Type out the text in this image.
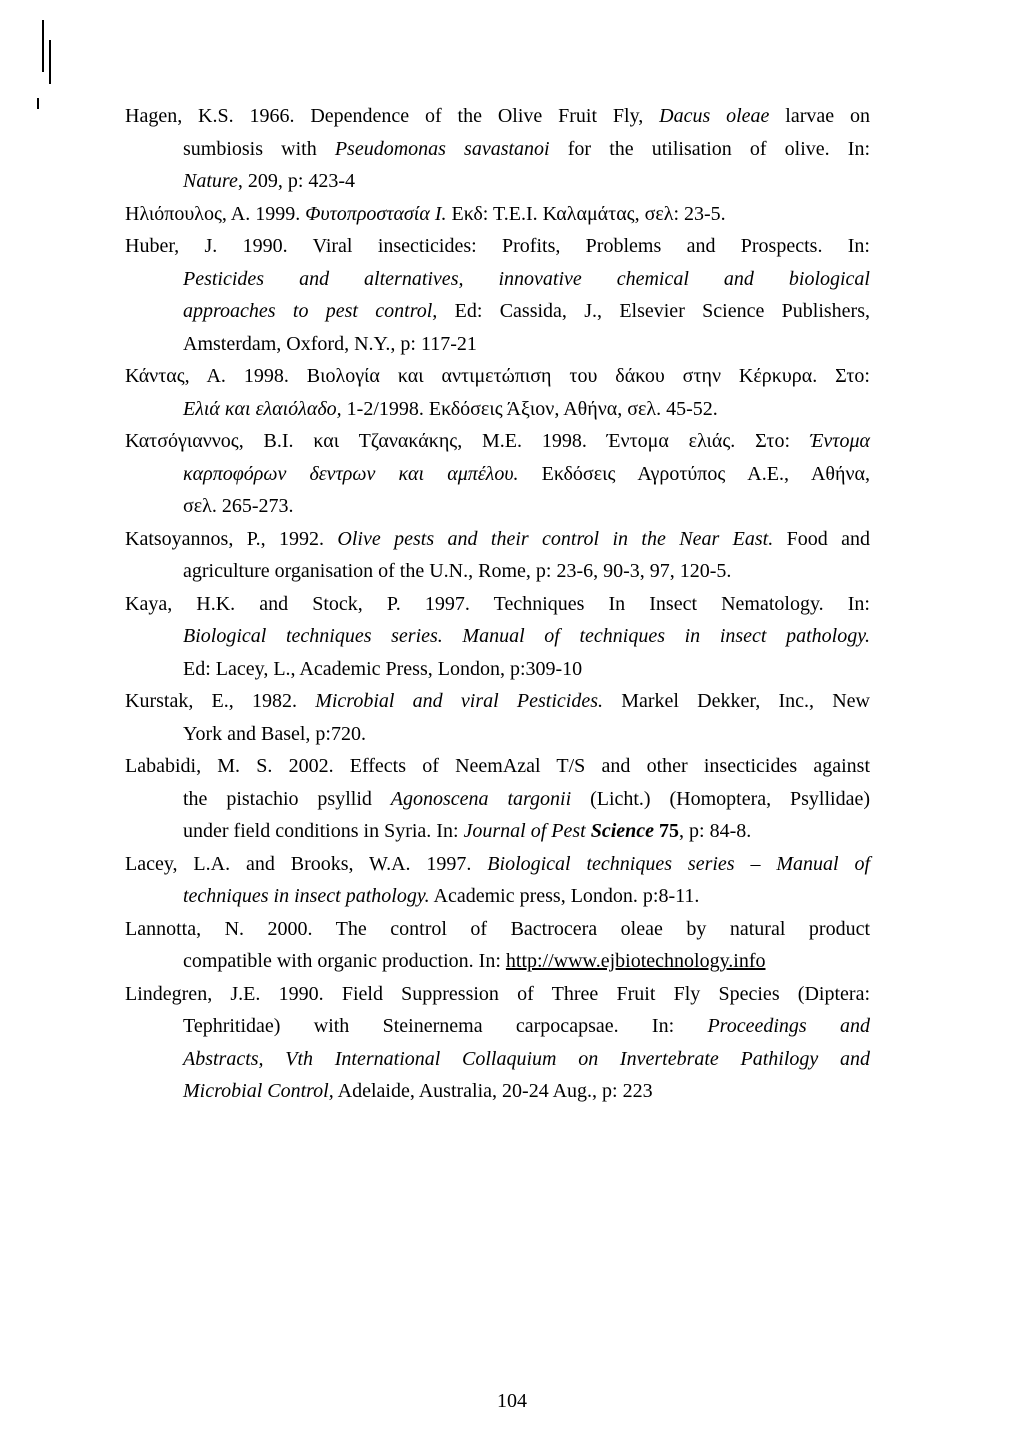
Hagen, K.S. 1966. Dependence of the Olive Fruit Fly, Dacus oleae larvae on
sumbiosis with Pseudomonas savastanoi for the utilisation of olive. In:
Nature, 209, p: 423-4
Ηλιόπουλος, Α. 1999. Φυτοπροστασία Ι. Εκδ: Τ.Ε.Ι. Καλαμάτας, σελ: 23-5.
Huber, J. 1990. Viral insecticides: Profits, Problems and Prospects. In:
Pesticides and alternatives, innovative chemical and biological
approaches to pest control, Ed: Cassida, J., Elsevier Science Publishers,
Amsterdam, Oxford, N.Y., p: 117-21
Κάντας, Α. 1998. Βιολογία και αντιμετώπιση του δάκου στην Κέρκυρα. Στο:
Ελιά και ελαιόλαδο, 1-2/1998. Εκδόσεις Άξιον, Αθήνα, σελ. 45-52.
Κατσόγιαννος, Β.Ι. και Τζανακάκης, Μ.Ε. 1998. Έντομα ελιάς. Στο: Έντομα
καρποφόρων δεντρων και αμπέλου. Εκδόσεις Αγροτύπος Α.Ε., Αθήνα,
σελ. 265-273.
Katsoyannos, P., 1992. Olive pests and their control in the Near East. Food and
agriculture organisation of the U.N., Rome, p: 23-6, 90-3, 97, 120-5.
Kaya, H.K. and Stock, P. 1997. Techniques In Insect Nematology. In:
Biological techniques series. Manual of techniques in insect pathology.
Ed: Lacey, L., Academic Press, London, p:309-10
Kurstak, E., 1982. Microbial and viral Pesticides. Markel Dekker, Inc., New
York and Basel, p:720.
Lababidi, M. S. 2002. Effects of NeemAzal T/S and other insecticides against
the pistachio psyllid Agonoscena targonii (Licht.) (Homoptera, Psyllidae)
under field conditions in Syria. In: Journal of Pest Science 75, p: 84-8.
Lacey, L.A. and Brooks, W.A. 1997. Biological techniques series – Manual of
techniques in insect pathology. Academic press, London. p:8-11.
Lannotta, N. 2000. The control of Bactrocera oleae by natural product
compatible with organic production. In: http://www.ejbiotechnology.info
Lindegren, J.E. 1990. Field Suppression of Three Fruit Fly Species (Diptera:
Tephritidae) with Steinernema carpocapsae. In: Proceedings and
Abstracts, Vth International Collaquium on Invertebrate Pathilogy and
Microbial Control, Adelaide, Australia, 20-24 Aug., p: 223
104
